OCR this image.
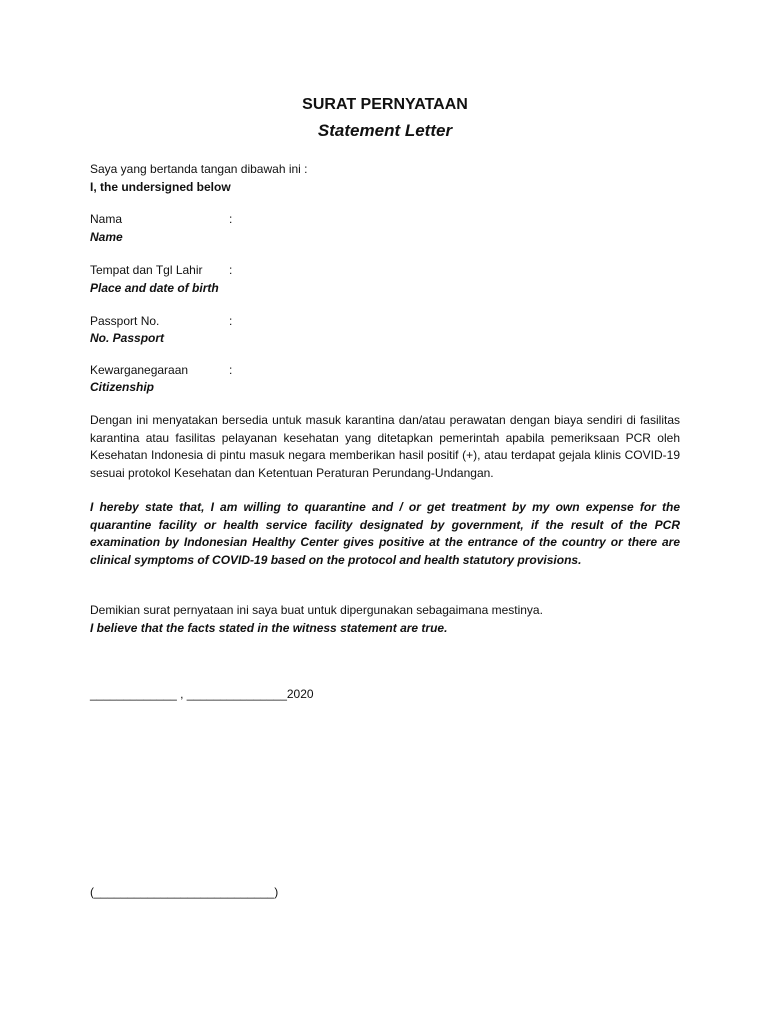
SURAT PERNYATAAN
Statement Letter
Saya yang bertanda tangan dibawah ini :
I, the undersigned below
Nama	:
Name
Tempat dan Tgl Lahir :
Place and date of birth
Passport No.	:
No. Passport
Kewarganegaraan	:
Citizenship
Dengan ini menyatakan bersedia untuk masuk karantina dan/atau perawatan dengan biaya sendiri di fasilitas karantina atau fasilitas pelayanan kesehatan yang ditetapkan pemerintah apabila pemeriksaan PCR oleh Kesehatan Indonesia di pintu masuk negara memberikan hasil positif (+), atau terdapat gejala klinis COVID-19 sesuai protokol Kesehatan dan Ketentuan Peraturan Perundang-Undangan.
I hereby state that, I am willing to quarantine and / or get treatment by my own expense for the quarantine facility or health service facility designated by government, if the result of the PCR examination by Indonesian Healthy Center gives positive at the entrance of the country or there are clinical symptoms of COVID-19 based on the protocol and health statutory provisions.
Demikian surat pernyataan ini saya buat untuk dipergunakan sebagaimana mestinya.
I believe that the facts stated in the witness statement are true.
_____________ , _______________2020
(___________________________)
